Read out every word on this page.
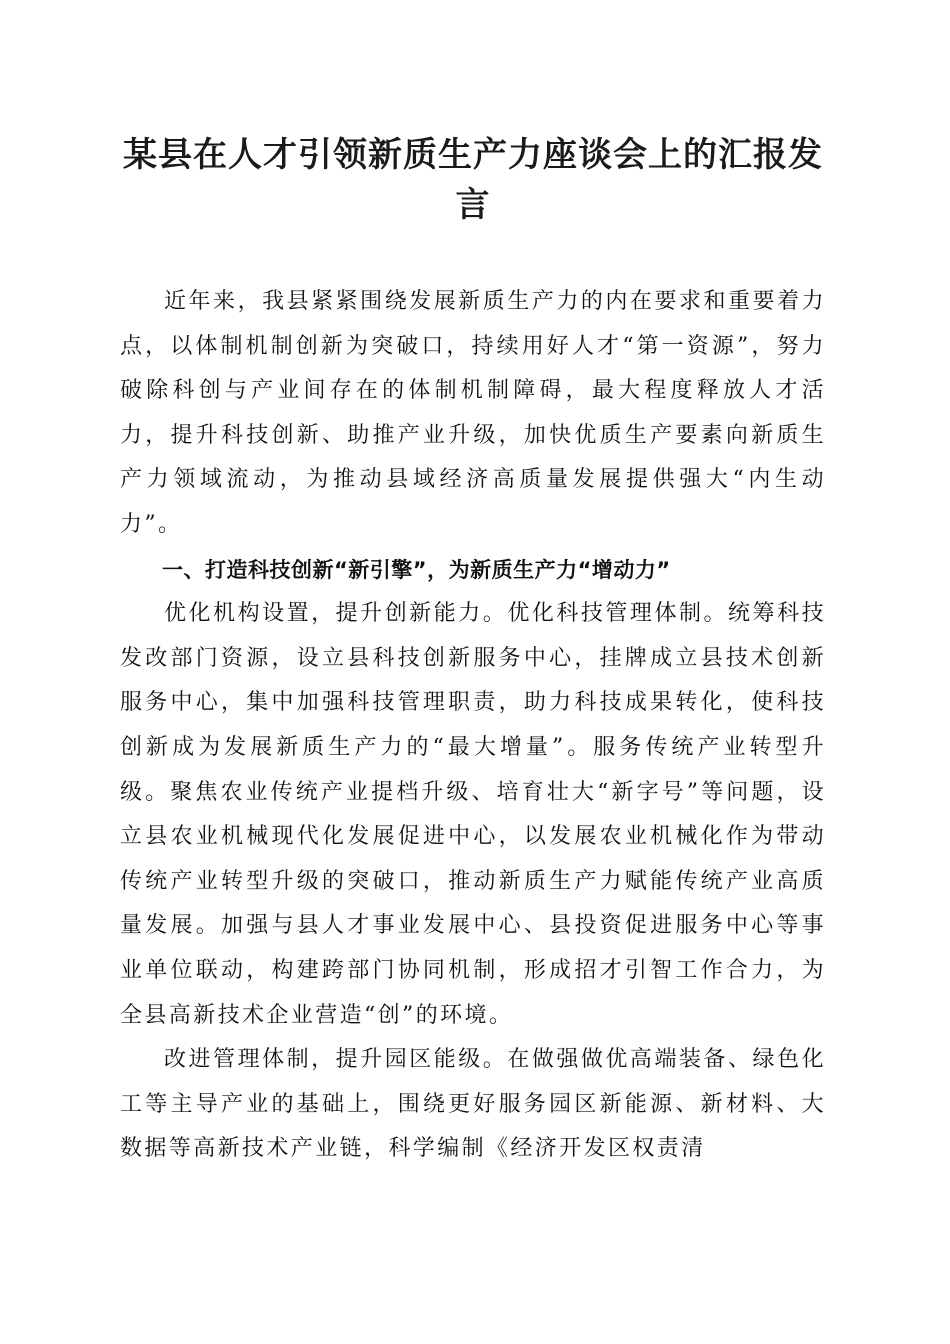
某县在人才引领新质生产力座谈会上的汇报发言

近年来，我县紧紧围绕发展新质生产力的内在要求和重要着力点，以体制机制创新为突破口，持续用好人才“第一资源”，努力破除科创与产业间存在的体制机制障碍，最大程度释放人才活力，提升科技创新、助推产业升级，加快优质生产要素向新质生产力领域流动，为推动县域经济高质量发展提供强大“内生动力”。

一、打造科技创新“新引擎”，为新质生产力“增动力”

优化机构设置，提升创新能力。优化科技管理体制。统筹科技发改部门资源，设立县科技创新服务中心，挂牌成立县技术创新服务中心，集中加强科技管理职责，助力科技成果转化，使科技创新成为发展新质生产力的“最大增量”。服务传统产业转型升级。聚焦农业传统产业提档升级、培育壮大“新字号”等问题，设立县农业机械现代化发展促进中心，以发展农业机械化作为带动传统产业转型升级的突破口，推动新质生产力赋能传统产业高质量发展。加强与县人才事业发展中心、县投资促进服务中心等事业单位联动，构建跨部门协同机制，形成招才引智工作合力，为全县高新技术企业营造“创”的环境。

改进管理体制，提升园区能级。在做强做优高端装备、绿色化工等主导产业的基础上，围绕更好服务园区新能源、新材料、大数据等高新技术产业链，科学编制《经济开发区权责清
